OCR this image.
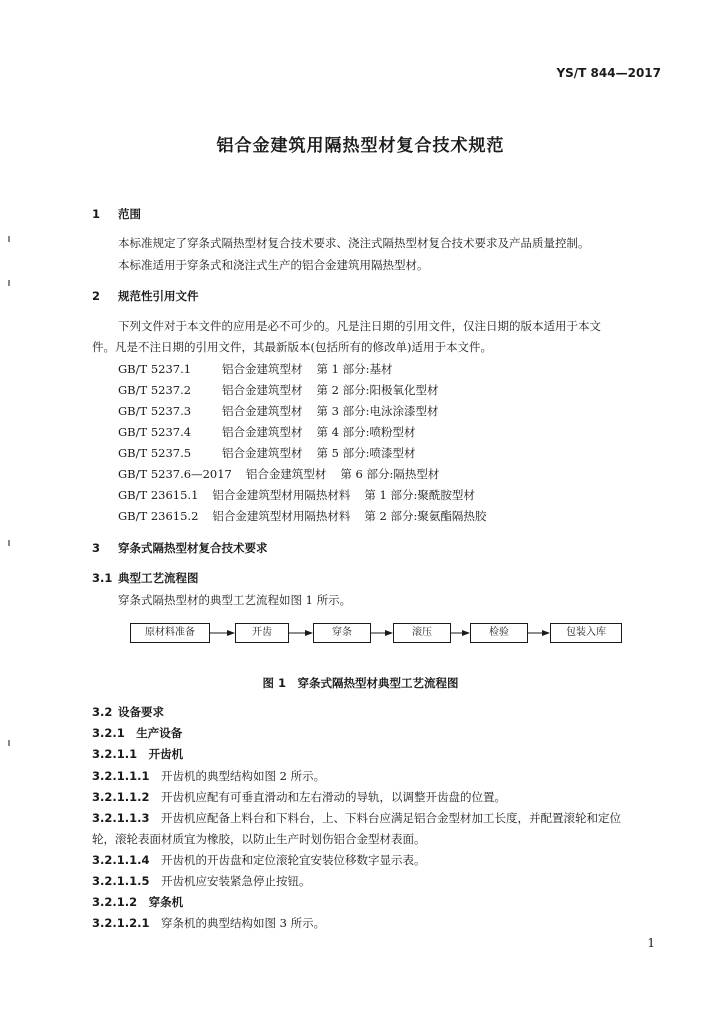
YS/T 844—2017
铝合金建筑用隔热型材复合技术规范
1 范围
本标准规定了穿条式隔热型材复合技术要求、浇注式隔热型材复合技术要求及产品质量控制。
本标准适用于穿条式和浇注式生产的铝合金建筑用隔热型材。
2 规范性引用文件
下列文件对于本文件的应用是必不可少的。凡是注日期的引用文件，仅注日期的版本适用于本文
件。凡是不注日期的引用文件，其最新版本(包括所有的修改单)适用于本文件。
GB/T 5237.1	铝合金建筑型材 第 1 部分:基材
GB/T 5237.2	铝合金建筑型材 第 2 部分:阳极氧化型材
GB/T 5237.3	铝合金建筑型材 第 3 部分:电泳涂漆型材
GB/T 5237.4	铝合金建筑型材 第 4 部分:喷粉型材
GB/T 5237.5	铝合金建筑型材 第 5 部分:喷漆型材
GB/T 5237.6—2017 铝合金建筑型材 第 6 部分:隔热型材
GB/T 23615.1 铝合金建筑型材用隔热材料 第 1 部分:聚酰胺型材
GB/T 23615.2 铝合金建筑型材用隔热材料 第 2 部分:聚氨酯隔热胶
3 穿条式隔热型材复合技术要求
3.1 典型工艺流程图
穿条式隔热型材的典型工艺流程如图 1 所示。
原材料准备	开齿	穿条	滚压	检验	包装入库
图 1　穿条式隔热型材典型工艺流程图
3.2 设备要求
3.2.1　 生产设备
3.2.1.1　 开齿机
3.2.1.1.1　 开齿机的典型结构如图 2 所示。
3.2.1.1.2　 开齿机应配有可垂直滑动和左右滑动的导轨，以调整开齿盘的位置。
3.2.1.1.3　 开齿机应配备上料台和下料台，上、下料台应满足铝合金型材加工长度，并配置滚轮和定位
轮，滚轮表面材质宜为橡胶，以防止生产时划伤铝合金型材表面。
3.2.1.1.4　 开齿机的开齿盘和定位滚轮宜安装位移数字显示表。
3.2.1.1.5　 开齿机应安装紧急停止按钮。
3.2.1.2　 穿条机
3.2.1.2.1　 穿条机的典型结构如图 3 所示。
1
